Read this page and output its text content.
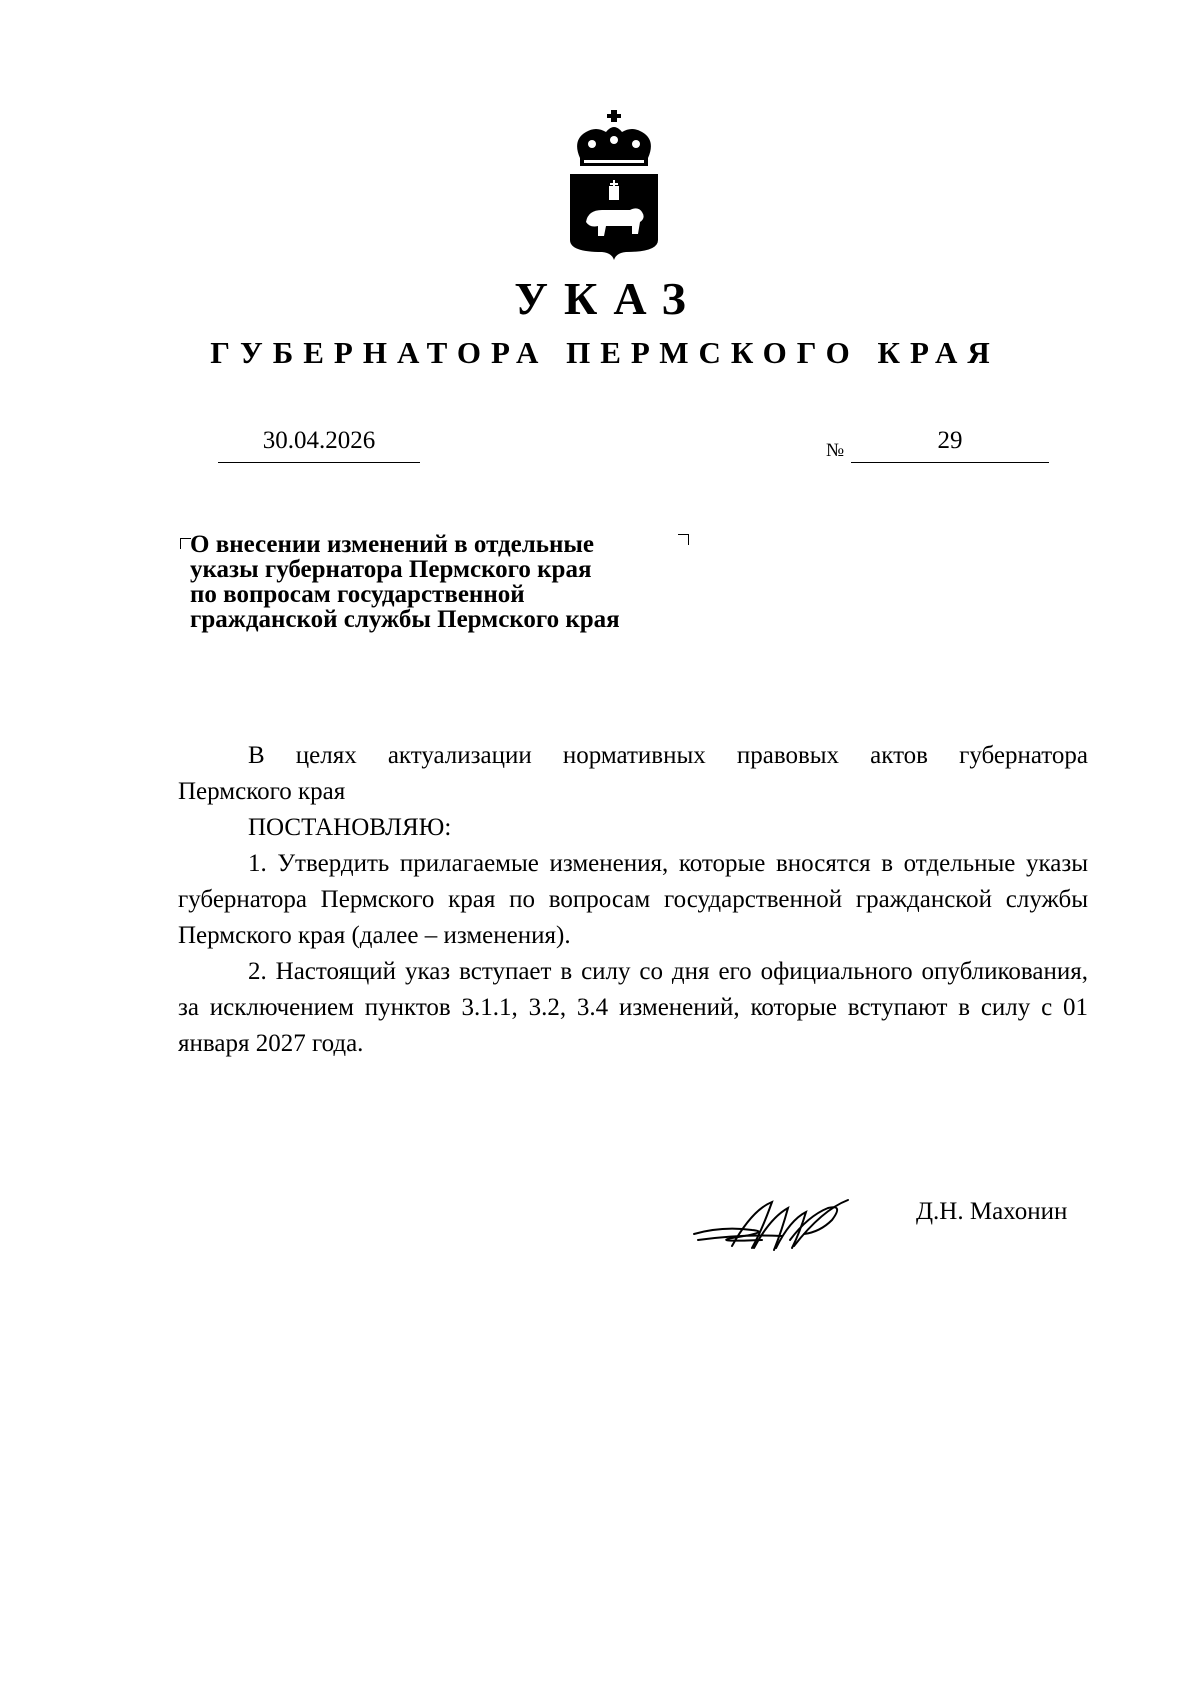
УКАЗ
ГУБЕРНАТОРА ПЕРМСКОГО КРАЯ
30.04.2026	№	29
О внесении изменений в отдельные
указы губернатора Пермского края
по вопросам государственной
гражданской службы Пермского края

В целях актуализации нормативных правовых актов губернатора

Пермского края

ПОСТАНОВЛЯЮ:

1. Утвердить прилагаемые изменения, которые вносятся в отдельные указы губернатора Пермского края по вопросам государственной гражданской службы Пермского края (далее – изменения).

2. Настоящий указ вступает в силу со дня его официального опубликования, за исключением пунктов 3.1.1, 3.2, 3.4 изменений, которые вступают в силу с 01 января 2027 года.

Д.Н. Махонин
